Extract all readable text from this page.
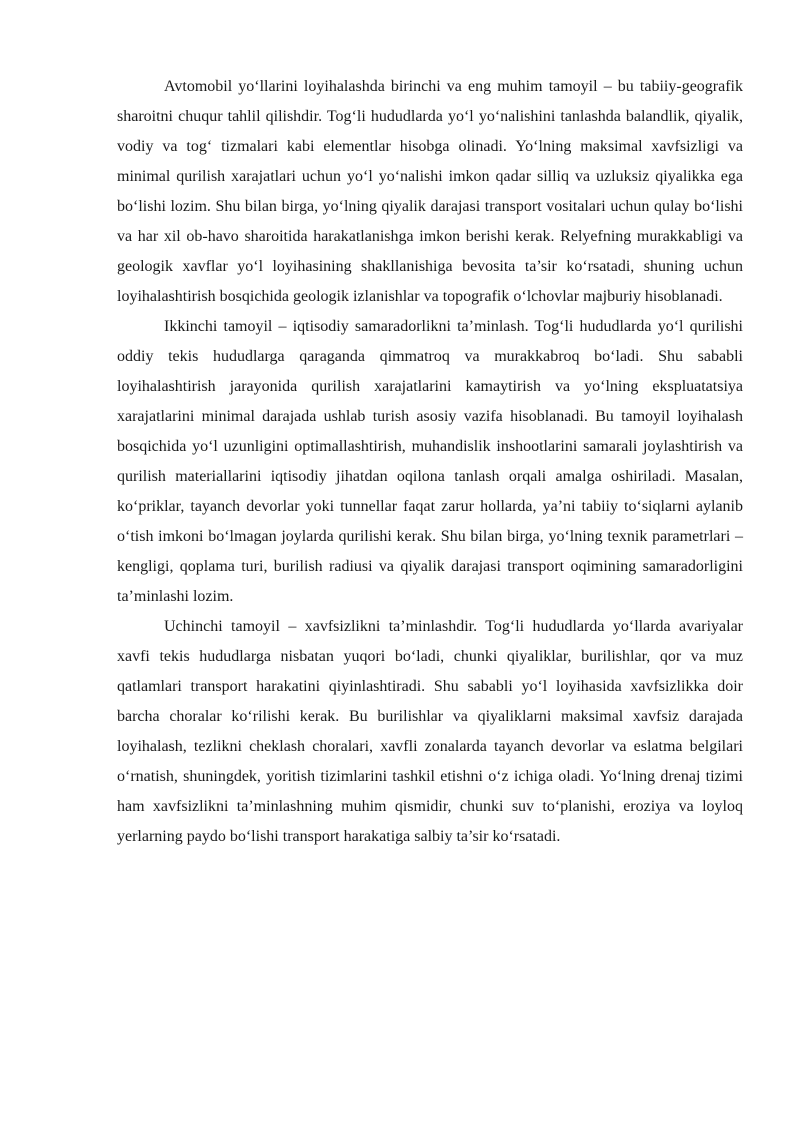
Avtomobil yo‘llarini loyihalashda birinchi va eng muhim tamoyil – bu tabiiy-geografik sharoitni chuqur tahlil qilishdir. Tog‘li hududlarda yo‘l yo‘nalishini tanlashda balandlik, qiyalik, vodiy va tog‘ tizmalari kabi elementlar hisobga olinadi. Yo‘lning maksimal xavfsizligi va minimal qurilish xarajatlari uchun yo‘l yo‘nalishi imkon qadar silliq va uzluksiz qiyalikka ega bo‘lishi lozim. Shu bilan birga, yo‘lning qiyalik darajasi transport vositalari uchun qulay bo‘lishi va har xil ob-havo sharoitida harakatlanishga imkon berishi kerak. Relyefning murakkabligi va geologik xavflar yo‘l loyihasining shakllanishiga bevosita ta’sir ko‘rsatadi, shuning uchun loyihalashtirish bosqichida geologik izlanishlar va topografik o‘lchovlar majburiy hisoblanadi.

Ikkinchi tamoyil – iqtisodiy samaradorlikni ta’minlash. Tog‘li hududlarda yo‘l qurilishi oddiy tekis hududlarga qaraganda qimmatroq va murakkabroq bo‘ladi. Shu sababli loyihalashtirish jarayonida qurilish xarajatlarini kamaytirish va yo‘lning ekspluatatsiya xarajatlarini minimal darajada ushlab turish asosiy vazifa hisoblanadi. Bu tamoyil loyihalash bosqichida yo‘l uzunligini optimallashtirish, muhandislik inshootlarini samarali joylashtirish va qurilish materiallarini iqtisodiy jihatdan oqilona tanlash orqali amalga oshiriladi. Masalan, ko‘priklar, tayanch devorlar yoki tunnellar faqat zarur hollarda, ya’ni tabiiy to‘siqlarni aylanib o‘tish imkoni bo‘lmagan joylarda qurilishi kerak. Shu bilan birga, yo‘lning texnik parametrlari – kengligi, qoplama turi, burilish radiusi va qiyalik darajasi transport oqimining samaradorligini ta’minlashi lozim.

Uchinchi tamoyil – xavfsizlikni ta’minlashdir. Tog‘li hududlarda yo‘llarda avariyalar xavfi tekis hududlarga nisbatan yuqori bo‘ladi, chunki qiyaliklar, burilishlar, qor va muz qatlamlari transport harakatini qiyinlashtiradi. Shu sababli yo‘l loyihasida xavfsizlikka doir barcha choralar ko‘rilishi kerak. Bu burilishlar va qiyaliklarni maksimal xavfsiz darajada loyihalash, tezlikni cheklash choralari, xavfli zonalarda tayanch devorlar va eslatma belgilari o‘rnatish, shuningdek, yoritish tizimlarini tashkil etishni o‘z ichiga oladi. Yo‘lning drenaj tizimi ham xavfsizlikni ta’minlashning muhim qismidir, chunki suv to‘planishi, eroziya va loyloq yerlarning paydo bo‘lishi transport harakatiga salbiy ta’sir ko‘rsatadi.
